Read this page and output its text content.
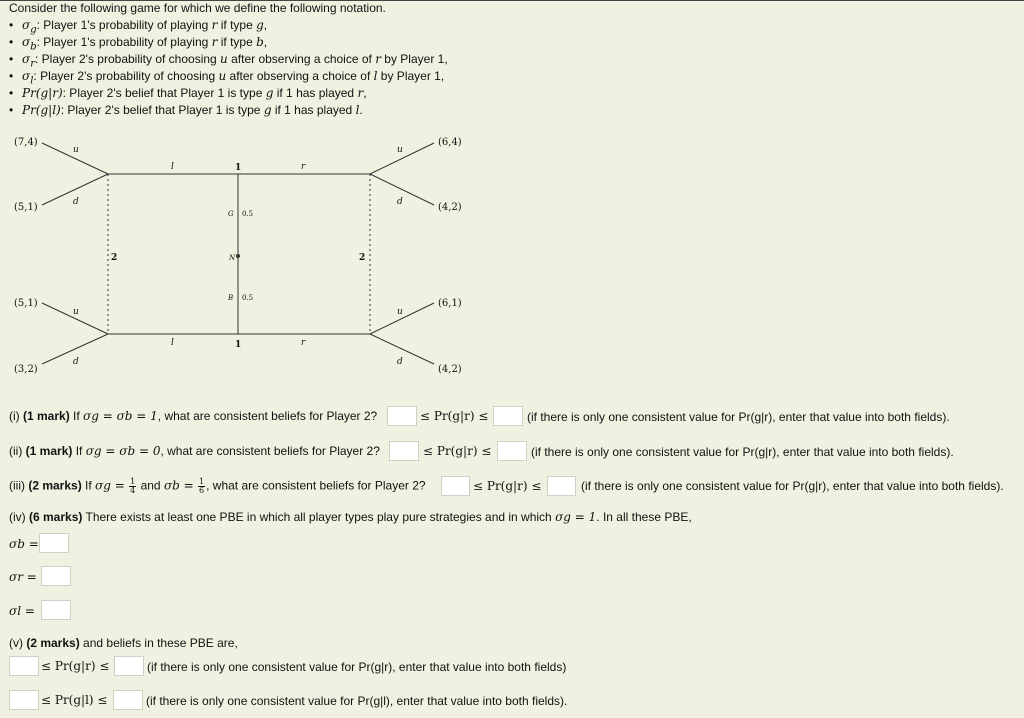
Consider the following game for which we define the following notation.
• $\sigma_g$: Player 1's probability of playing r if type g,
• $\sigma_b$: Player 1's probability of playing r if type b,
• $\sigma_r$: Player 2's probability of choosing u after observing a choice of r by Player 1,
• $\sigma_l$: Player 2's probability of choosing u after observing a choice of l by Player 1,
• Pr(g|r): Player 2's belief that Player 1 is type g if 1 has played r,
• Pr(g|l): Player 2's belief that Player 1 is type g if 1 has played l.
(7,4)
(5,1)
(5,1)
(3,2)
(6,4)
(4,2)
(6,1)
(4,2)
u
d
u
d
u
d
u
d
l	r
l	r
1
1
2	2
N
G 0.5
B 0.5
(i) (1 mark) If σg = σb = 1, what are consistent beliefs for Player 2?	≤ Pr(g|r) ≤	(if there is only one consistent value for Pr(g|r), enter that value into both fields).
(ii) (1 mark) If σg = σb = 0, what are consistent beliefs for Player 2?	≤ Pr(g|r) ≤	(if there is only one consistent value for Pr(g|r), enter that value into both fields).
(iii) (2 marks) If $\sigma g = \frac{1}{4}$ and $\sigma b = \frac{1}{6}$ , what are consistent beliefs for Player 2?	≤ Pr(g|r) ≤	(if there is only one consistent value for Pr(g|r), enter that value into both fields).
(iv) (6 marks) There exists at least one PBE in which all player types play pure strategies and in which σg = 1. In all these PBE,
σb =
σr =
σl =
(v) (2 marks) and beliefs in these PBE are,
≤ Pr(g|r) ≤	(if there is only one consistent value for Pr(g|r), enter that value into both fields)
≤ Pr(g|l) ≤	(if there is only one consistent value for Pr(g|l), enter that value into both fields).
